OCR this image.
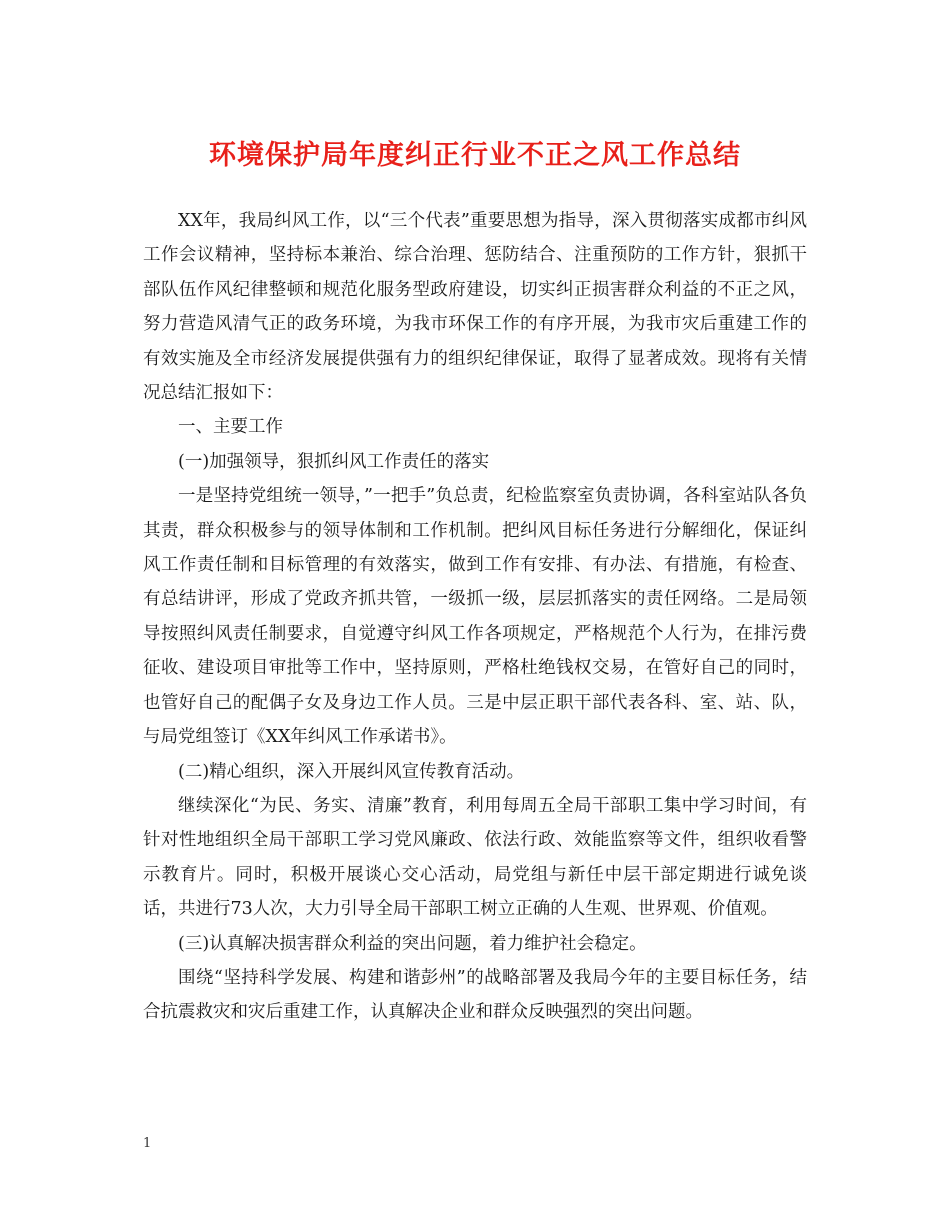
环境保护局年度纠正行业不正之风工作总结

XX年，我局纠风工作，以“三个代表”重要思想为指导，深入贯彻落实成都市纠风工作会议精神，坚持标本兼治、综合治理、惩防结合、注重预防的工作方针，狠抓干部队伍作风纪律整顿和规范化服务型政府建设，切实纠正损害群众利益的不正之风，努力营造风清气正的政务环境，为我市环保工作的有序开展，为我市灾后重建工作的有效实施及全市经济发展提供强有力的组织纪律保证，取得了显著成效。现将有关情况总结汇报如下：

一、主要工作

(一)加强领导，狠抓纠风工作责任的落实

一是坚持党组统一领导，”一把手”负总责，纪检监察室负责协调，各科室站队各负其责，群众积极参与的领导体制和工作机制。把纠风目标任务进行分解细化，保证纠风工作责任制和目标管理的有效落实，做到工作有安排、有办法、有措施，有检查、有总结讲评，形成了党政齐抓共管，一级抓一级，层层抓落实的责任网络。二是局领导按照纠风责任制要求，自觉遵守纠风工作各项规定，严格规范个人行为，在排污费征收、建设项目审批等工作中，坚持原则，严格杜绝钱权交易，在管好自己的同时，也管好自己的配偶子女及身边工作人员。三是中层正职干部代表各科、室、站、队，与局党组签订《XX年纠风工作承诺书》。

(二)精心组织，深入开展纠风宣传教育活动。

继续深化“为民、务实、清廉”教育，利用每周五全局干部职工集中学习时间，有针对性地组织全局干部职工学习党风廉政、依法行政、效能监察等文件，组织收看警示教育片。同时，积极开展谈心交心活动，局党组与新任中层干部定期进行诚免谈话，共进行73人次，大力引导全局干部职工树立正确的人生观、世界观、价值观。

(三)认真解决损害群众利益的突出问题，着力维护社会稳定。

围绕“坚持科学发展、构建和谐彭州”的战略部署及我局今年的主要目标任务，结合抗震救灾和灾后重建工作，认真解决企业和群众反映强烈的突出问题。

1
